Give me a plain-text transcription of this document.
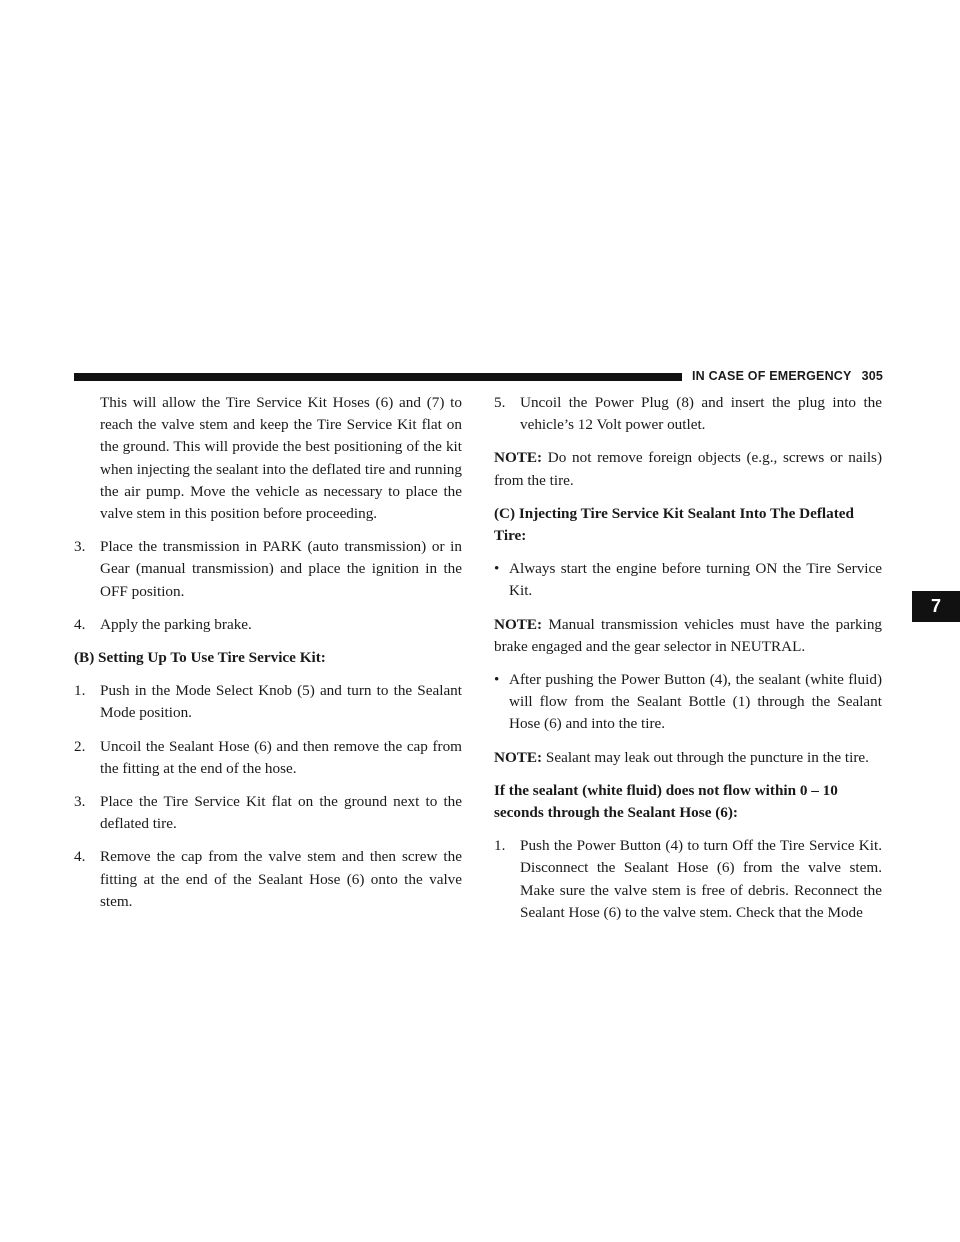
IN CASE OF EMERGENCY 305
7

This will allow the Tire Service Kit Hoses (6) and (7) to reach the valve stem and keep the Tire Service Kit flat on the ground. This will provide the best positioning of the kit when injecting the sealant into the deflated tire and running the air pump. Move the vehicle as necessary to place the valve stem in this position before proceeding.

3. Place the transmission in PARK (auto transmission) or in Gear (manual transmission) and place the ignition in the OFF position.

4. Apply the parking brake.

(B) Setting Up To Use Tire Service Kit:

1. Push in the Mode Select Knob (5) and turn to the Sealant Mode position.

2. Uncoil the Sealant Hose (6) and then remove the cap from the fitting at the end of the hose.

3. Place the Tire Service Kit flat on the ground next to the deflated tire.

4. Remove the cap from the valve stem and then screw the fitting at the end of the Sealant Hose (6) onto the valve stem.

5. Uncoil the Power Plug (8) and insert the plug into the vehicle’s 12 Volt power outlet.

NOTE: Do not remove foreign objects (e.g., screws or nails) from the tire.

(C) Injecting Tire Service Kit Sealant Into The Deflated Tire:

• Always start the engine before turning ON the Tire Service Kit.

NOTE: Manual transmission vehicles must have the parking brake engaged and the gear selector in NEUTRAL.

• After pushing the Power Button (4), the sealant (white fluid) will flow from the Sealant Bottle (1) through the Sealant Hose (6) and into the tire.

NOTE: Sealant may leak out through the puncture in the tire.

If the sealant (white fluid) does not flow within 0 – 10 seconds through the Sealant Hose (6):

1. Push the Power Button (4) to turn Off the Tire Service Kit. Disconnect the Sealant Hose (6) from the valve stem. Make sure the valve stem is free of debris. Reconnect the Sealant Hose (6) to the valve stem. Check that the Mode
